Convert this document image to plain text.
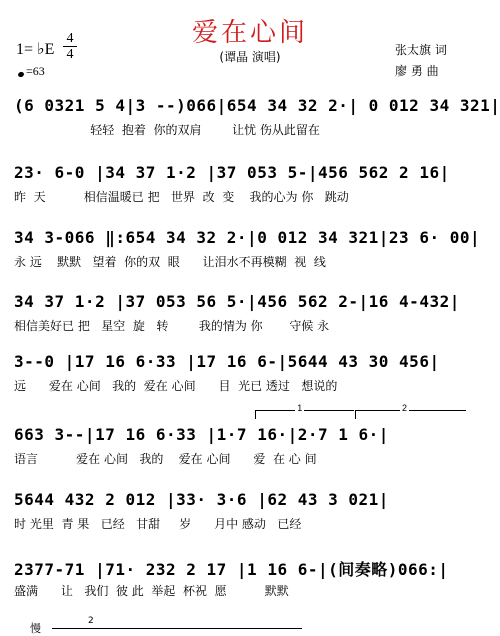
爱在心间
(谭晶 演唱)
1= ♭E
4
4
=63
张太旗 词
廖 勇 曲
(6 0321 5 4|3 --)066|654 34 32 2·| 0 012 34 321|
轻轻  抱着  你的双肩        让忧 伤从此留在
23· 6-0 |34 37 1·2 |37 053 5-|456 562 2 16|
昨  天          相信温暖已 把   世界  改  变    我的心为 你   跳动
34 3-066 ‖:654 34 32 2·|0 012 34 321|23 6· 00|
永 远    默默   望着  你的双  眼      让泪水不再模糊  视  线
34 37 1·2 |37 053 56 5·|456 562 2-|16 4-432|
相信美好已 把   星空  旋   转        我的情为 你       守候 永
3--0 |17 16 6·33 |17 16 6-|5644 43 30 456|
远      爱在 心间   我的  爱在 心间      目  光已 透过   想说的
1	2
663 3--|17 16 6·33 |1·7 16·|2·7 1 6·|
语言          爱在 心间   我的    爱在 心间      爱  在 心 间
5644 432 2 012 |33· 3·6 |62 43 3 021|
时 光里  青 果   已经   甘甜     岁      月中 感动   已经
2377-71 |71· 232 2 17 |1 16 6-|(间奏略)066:|
盛满      让   我们  彼 此  举起  杯祝  愿          默默
慢
2
